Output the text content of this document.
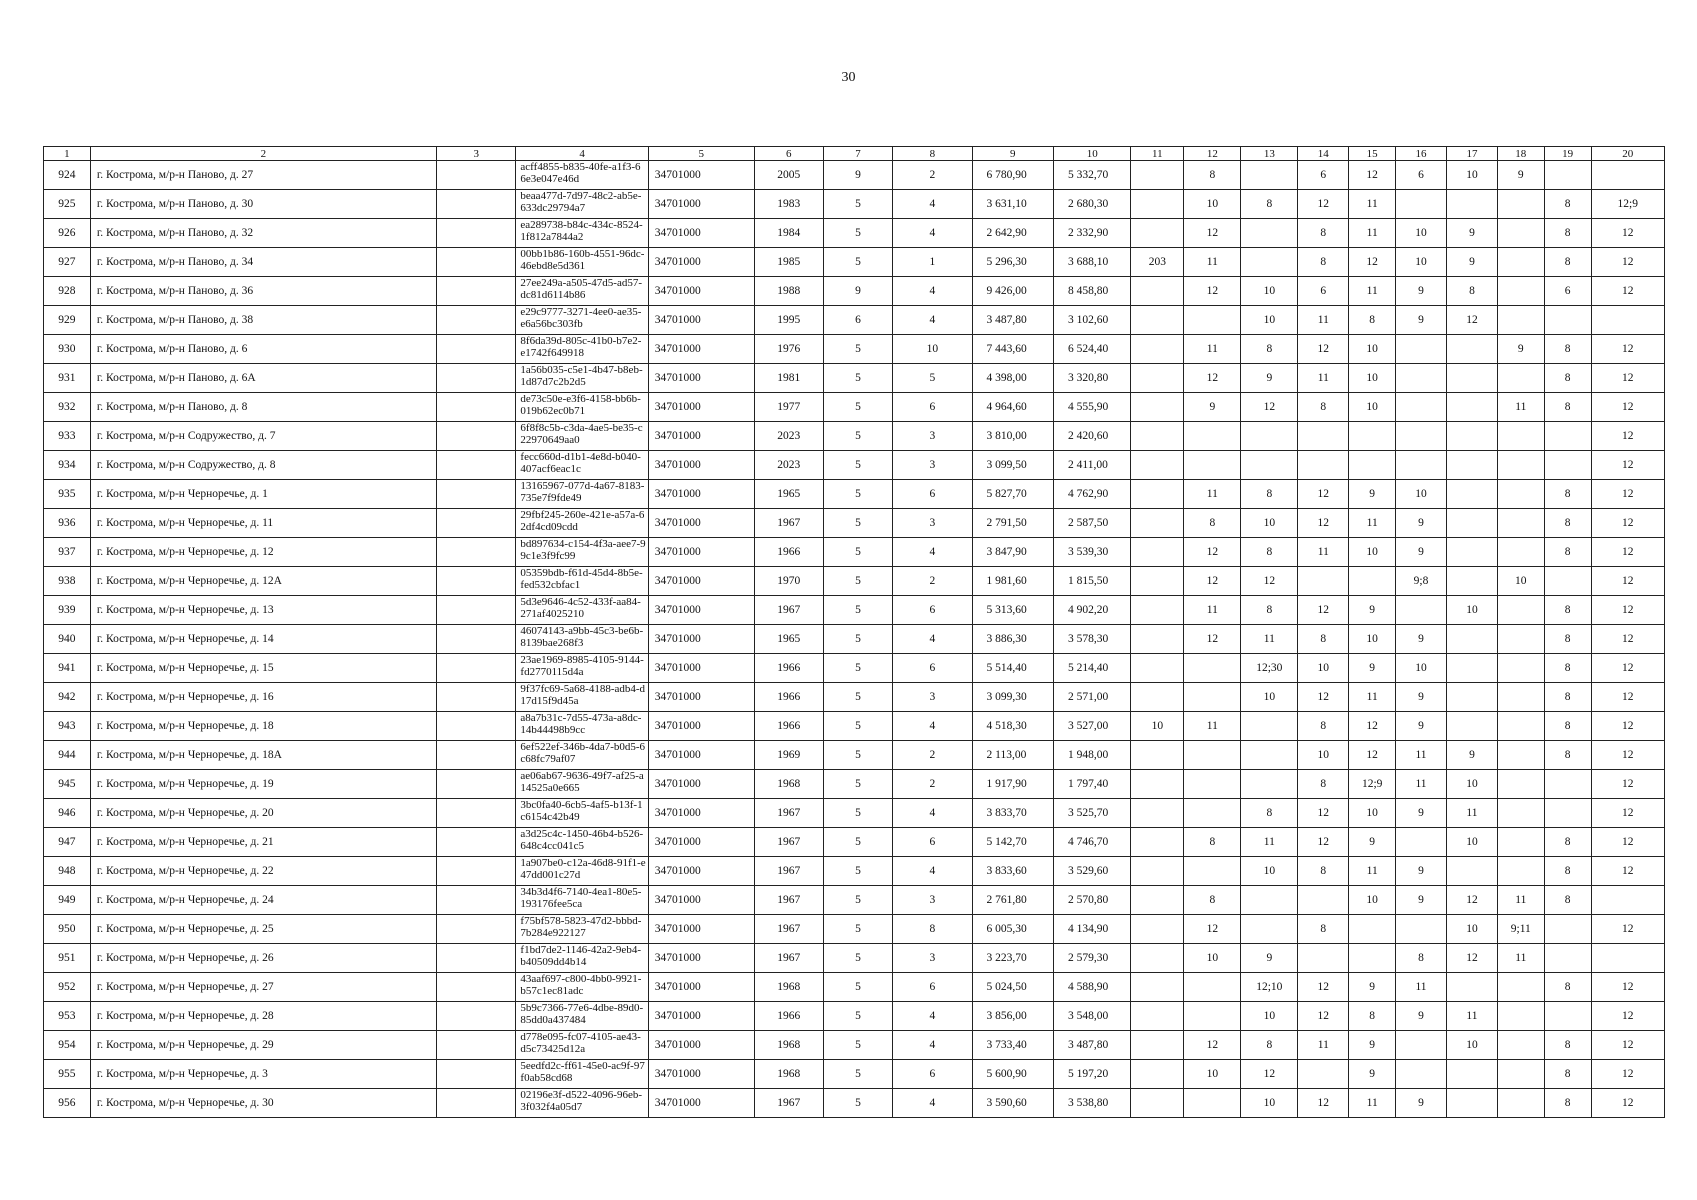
30
1	2	3	4	5	6	7	8	9	10	11	12	13	14	15	16	17	18	19	20
924	г. Кострома, м/р-н Паново, д. 27		acff4855-b835-40fe-a1f3-66e3e047e46d	34701000	2005	9	2	6 780,90	5 332,70		8		6	12	6	10	9		
925	г. Кострома, м/р-н Паново, д. 30		beaa477d-7d97-48c2-ab5e-633dc29794a7	34701000	1983	5	4	3 631,10	2 680,30		10	8	12	11				8	12;9
926	г. Кострома, м/р-н Паново, д. 32		ea289738-b84c-434c-8524-1f812a7844a2	34701000	1984	5	4	2 642,90	2 332,90		12		8	11	10	9		8	12
927	г. Кострома, м/р-н Паново, д. 34		00bb1b86-160b-4551-96dc-46ebd8e5d361	34701000	1985	5	1	5 296,30	3 688,10	203	11		8	12	10	9		8	12
928	г. Кострома, м/р-н Паново, д. 36		27ee249a-a505-47d5-ad57-dc81d6114b86	34701000	1988	9	4	9 426,00	8 458,80		12	10	6	11	9	8		6	12
929	г. Кострома, м/р-н Паново, д. 38		e29c9777-3271-4ee0-ae35-e6a56bc303fb	34701000	1995	6	4	3 487,80	3 102,60			10	11	8	9	12			
930	г. Кострома, м/р-н Паново, д. 6		8f6da39d-805c-41b0-b7e2-e1742f649918	34701000	1976	5	10	7 443,60	6 524,40		11	8	12	10			9	8	12
931	г. Кострома, м/р-н Паново, д. 6А		1a56b035-c5e1-4b47-b8eb-1d87d7c2b2d5	34701000	1981	5	5	4 398,00	3 320,80		12	9	11	10				8	12
932	г. Кострома, м/р-н Паново, д. 8		de73c50e-e3f6-4158-bb6b-019b62ec0b71	34701000	1977	5	6	4 964,60	4 555,90		9	12	8	10			11	8	12
933	г. Кострома, м/р-н Содружество, д. 7		6f8f8c5b-c3da-4ae5-be35-c22970649aa0	34701000	2023	5	3	3 810,00	2 420,60										12
934	г. Кострома, м/р-н Содружество, д. 8		fecc660d-d1b1-4e8d-b040-407acf6eac1c	34701000	2023	5	3	3 099,50	2 411,00										12
935	г. Кострома, м/р-н Черноречье, д. 1		13165967-077d-4a67-8183-735e7f9fde49	34701000	1965	5	6	5 827,70	4 762,90		11	8	12	9	10			8	12
936	г. Кострома, м/р-н Черноречье, д. 11		29fbf245-260e-421e-a57a-62df4cd09cdd	34701000	1967	5	3	2 791,50	2 587,50		8	10	12	11	9			8	12
937	г. Кострома, м/р-н Черноречье, д. 12		bd897634-c154-4f3a-aee7-99c1e3f9fc99	34701000	1966	5	4	3 847,90	3 539,30		12	8	11	10	9			8	12
938	г. Кострома, м/р-н Черноречье, д. 12А		05359bdb-f61d-45d4-8b5e-fed532cbfac1	34701000	1970	5	2	1 981,60	1 815,50		12	12			9;8		10		12
939	г. Кострома, м/р-н Черноречье, д. 13		5d3e9646-4c52-433f-aa84-271af4025210	34701000	1967	5	6	5 313,60	4 902,20		11	8	12	9		10		8	12
940	г. Кострома, м/р-н Черноречье, д. 14		46074143-a9bb-45c3-be6b-8139bae268f3	34701000	1965	5	4	3 886,30	3 578,30		12	11	8	10	9			8	12
941	г. Кострома, м/р-н Черноречье, д. 15		23ae1969-8985-4105-9144-fd2770115d4a	34701000	1966	5	6	5 514,40	5 214,40			12;30	10	9	10			8	12
942	г. Кострома, м/р-н Черноречье, д. 16		9f37fc69-5a68-4188-adb4-d17d15f9d45a	34701000	1966	5	3	3 099,30	2 571,00			10	12	11	9			8	12
943	г. Кострома, м/р-н Черноречье, д. 18		a8a7b31c-7d55-473a-a8dc-14b44498b9cc	34701000	1966	5	4	4 518,30	3 527,00	10	11		8	12	9			8	12
944	г. Кострома, м/р-н Черноречье, д. 18А		6ef522ef-346b-4da7-b0d5-6c68fc79af07	34701000	1969	5	2	2 113,00	1 948,00				10	12	11	9		8	12
945	г. Кострома, м/р-н Черноречье, д. 19		ae06ab67-9636-49f7-af25-a14525a0e665	34701000	1968	5	2	1 917,90	1 797,40				8	12;9	11	10			12
946	г. Кострома, м/р-н Черноречье, д. 20		3bc0fa40-6cb5-4af5-b13f-1c6154c42b49	34701000	1967	5	4	3 833,70	3 525,70			8	12	10	9	11			12
947	г. Кострома, м/р-н Черноречье, д. 21		a3d25c4c-1450-46b4-b526-648c4cc041c5	34701000	1967	5	6	5 142,70	4 746,70		8	11	12	9		10		8	12
948	г. Кострома, м/р-н Черноречье, д. 22		1a907be0-c12a-46d8-91f1-e47dd001c27d	34701000	1967	5	4	3 833,60	3 529,60			10	8	11	9			8	12
949	г. Кострома, м/р-н Черноречье, д. 24		34b3d4f6-7140-4ea1-80e5-193176fee5ca	34701000	1967	5	3	2 761,80	2 570,80		8			10	9	12	11	8	
950	г. Кострома, м/р-н Черноречье, д. 25		f75bf578-5823-47d2-bbbd-7b284e922127	34701000	1967	5	8	6 005,30	4 134,90		12		8			10	9;11		12
951	г. Кострома, м/р-н Черноречье, д. 26		f1bd7de2-1146-42a2-9eb4-b40509dd4b14	34701000	1967	5	3	3 223,70	2 579,30		10	9			8	12	11		
952	г. Кострома, м/р-н Черноречье, д. 27		43aaf697-c800-4bb0-9921-b57c1ec81adc	34701000	1968	5	6	5 024,50	4 588,90			12;10	12	9	11			8	12
953	г. Кострома, м/р-н Черноречье, д. 28		5b9c7366-77e6-4dbe-89d0-85dd0a437484	34701000	1966	5	4	3 856,00	3 548,00			10	12	8	9	11			12
954	г. Кострома, м/р-н Черноречье, д. 29		d778e095-fc07-4105-ae43-d5c73425d12a	34701000	1968	5	4	3 733,40	3 487,80		12	8	11	9		10		8	12
955	г. Кострома, м/р-н Черноречье, д. 3		5eedfd2c-ff61-45e0-ac9f-97f0ab58cd68	34701000	1968	5	6	5 600,90	5 197,20		10	12		9				8	12
956	г. Кострома, м/р-н Черноречье, д. 30		02196e3f-d522-4096-96eb-3f032f4a05d7	34701000	1967	5	4	3 590,60	3 538,80			10	12	11	9			8	12
